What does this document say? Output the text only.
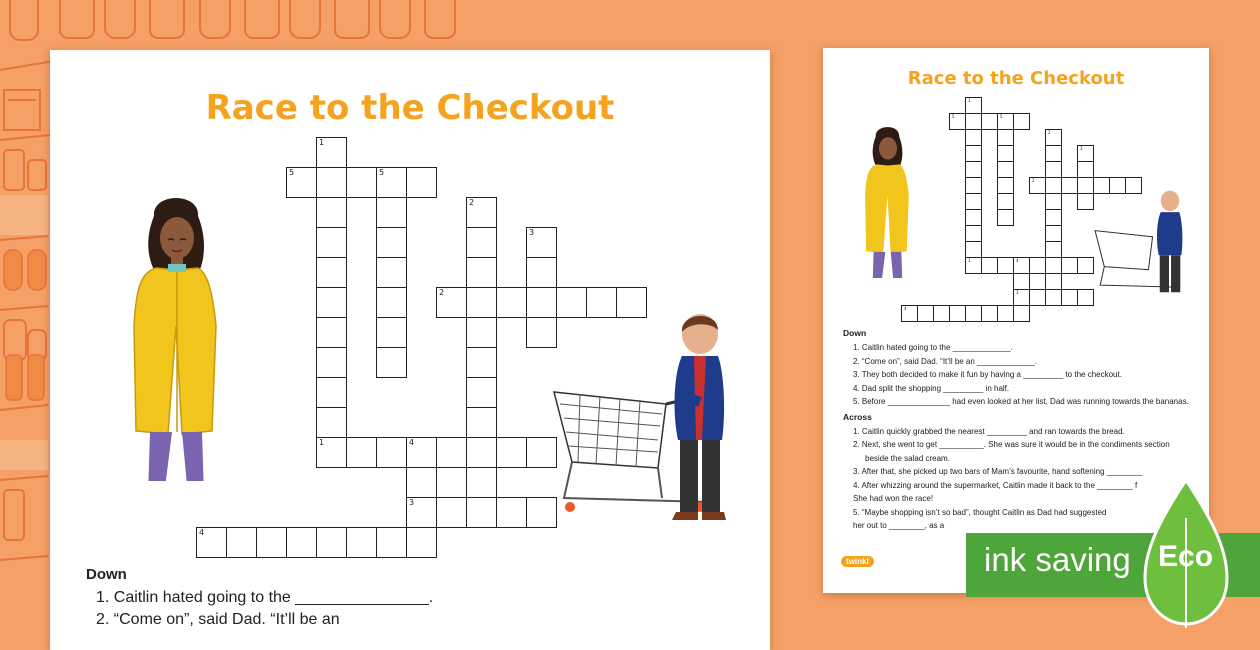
Race to the Checkout
1
5	5
2
3
2
1	4
3
4
Down
1. Caitlin hated going to the _______________.
2. “Come on”, said Dad. “It’ll be an
Race to the Checkout
1
5	5
2
3
2
1	4
3
4
Down
1. Caitlin hated going to the _____________.
2. “Come on”, said Dad. “It’ll be an _____________.
3. They both decided to make it fun by having a _________ to the checkout.
4. Dad split the shopping _________ in half.
5. Before ______________ had even looked at her list, Dad was running towards the bananas.
Across
1. Caitlin quickly grabbed the nearest _________ and ran towards the bread.
2. Next, she went to get __________. She was sure it would be in the condiments section beside the salad cream.
3. After that, she picked up two bars of Mam’s favourite, hand softening ________
4. After whizzing around the supermarket, Caitlin made it back to the ________ f
She had won the race!
5. “Maybe shopping isn’t so bad”, thought Caitlin as Dad had suggested
her out to ________, as a
twinkl	ink saving Eco
